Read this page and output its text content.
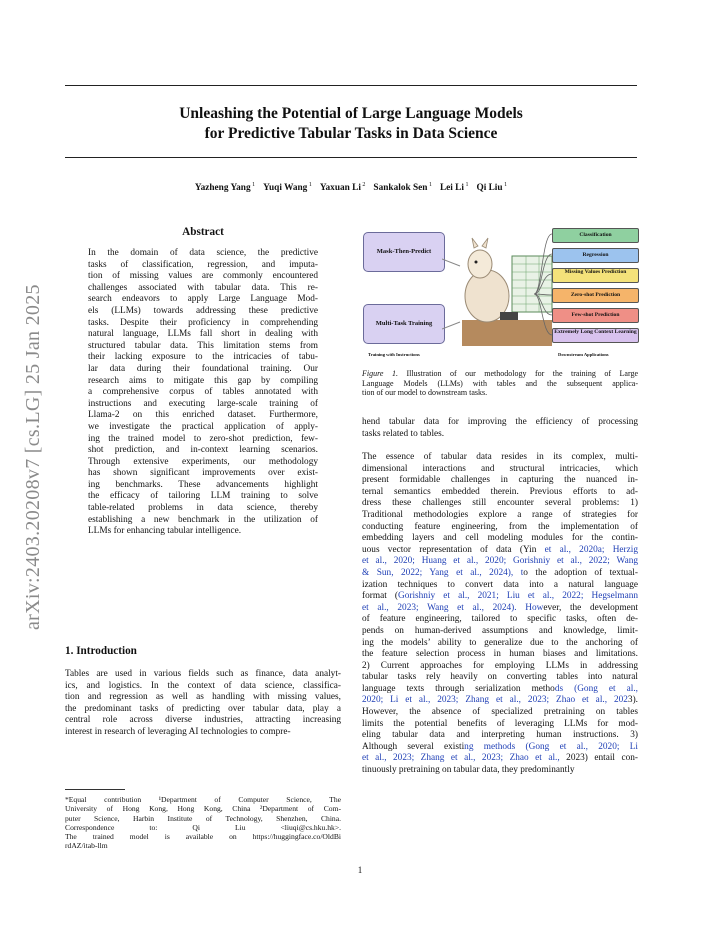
arXiv:2403.20208v7 [cs.LG] 25 Jan 2025
Unleashing the Potential of Large Language Models
for Predictive Tabular Tasks in Data Science
Yazheng Yang $^1$ Yuqi Wang $^1$ Yaxuan Li $^2$ Sankalok Sen $^1$ Lei Li $^1$ Qi Liu $^1$
Abstract
In the domain of data science, the predictive
tasks of classification, regression, and imputa-
tion of missing values are commonly encountered
challenges associated with tabular data. This re-
search endeavors to apply Large Language Mod-
els (LLMs) towards addressing these predictive
tasks. Despite their proficiency in comprehending
natural language, LLMs fall short in dealing with
structured tabular data. This limitation stems from
their lacking exposure to the intricacies of tabu-
lar data during their foundational training. Our
research aims to mitigate this gap by compiling
a comprehensive corpus of tables annotated with
instructions and executing large-scale training of
Llama-2 on this enriched dataset. Furthermore,
we investigate the practical application of apply-
ing the trained model to zero-shot prediction, few-
shot prediction, and in-context learning scenarios.
Through extensive experiments, our methodology
has shown significant improvements over exist-
ing benchmarks. These advancements highlight
the efficacy of tailoring LLM training to solve
table-related problems in data science, thereby
establishing a new benchmark in the utilization of
LLMs for enhancing tabular intelligence.
1. Introduction
Tables are used in various fields such as finance, data analyt-
ics, and logistics. In the context of data science, classifica-
tion and regression as well as handling with missing values,
the predominant tasks of predicting over tabular data, play a
central role across diverse industries, attracting increasing
interest in research of leveraging AI technologies to compre-
*Equal contribution ¹Department of Computer Science, The
University of Hong Kong, Hong Kong, China ²Department of Com-
puter Science, Harbin Institute of Technology, Shenzhen, China.
Correspondence to: Qi Liu <liuqi@cs.hku.hk>.
The trained model is available on https://huggingface.co/OldBi
rdAZ/itab-llm
Mask-Then-Predict
Multi-Task Training
Classification
Regression
Missing Values Prediction
Zero-shot Prediction
Few-shot Prediction
Extremely Long Context Learning
Training with Instructions	Downstream Applications
Figure 1. Illustration of our methodology for the training of Large
Language Models (LLMs) with tables and the subsequent applica-
tion of our model to downstream tasks.
hend tabular data for improving the efficiency of processing
tasks related to tables.
The essence of tabular data resides in its complex, multi-
dimensional interactions and structural intricacies, which
present formidable challenges in capturing the nuanced in-
ternal semantics embedded therein. Previous efforts to ad-
dress these challenges still encounter several problems: 1)
Traditional methodologies explore a range of strategies for
conducting feature engineering, from the implementation of
embedding layers and cell modeling modules for the contin-
uous vector representation of data (Yin et al., 2020a; Herzig
et al., 2020; Huang et al., 2020; Gorishniy et al., 2022; Wang
& Sun, 2022; Yang et al., 2024), to the adoption of textual-
ization techniques to convert data into a natural language
format (Gorishniy et al., 2021; Liu et al., 2022; Hegselmann
et al., 2023; Wang et al., 2024). However, the development
of feature engineering, tailored to specific tasks, often de-
pends on human-derived assumptions and knowledge, limit-
ing the models’ ability to generalize due to the anchoring of
the feature selection process in human biases and limitations.
2) Current approaches for employing LLMs in addressing
tabular tasks rely heavily on converting tables into natural
language texts through serialization methods (Gong et al.,
2020; Li et al., 2023; Zhang et al., 2023; Zhao et al., 2023).
However, the absence of specialized pretraining on tables
limits the potential benefits of leveraging LLMs for mod-
eling tabular data and interpreting human instructions. 3)
Although several existing methods (Gong et al., 2020; Li
et al., 2023; Zhang et al., 2023; Zhao et al., 2023) entail con-
tinuously pretraining on tabular data, they predominantly
1
